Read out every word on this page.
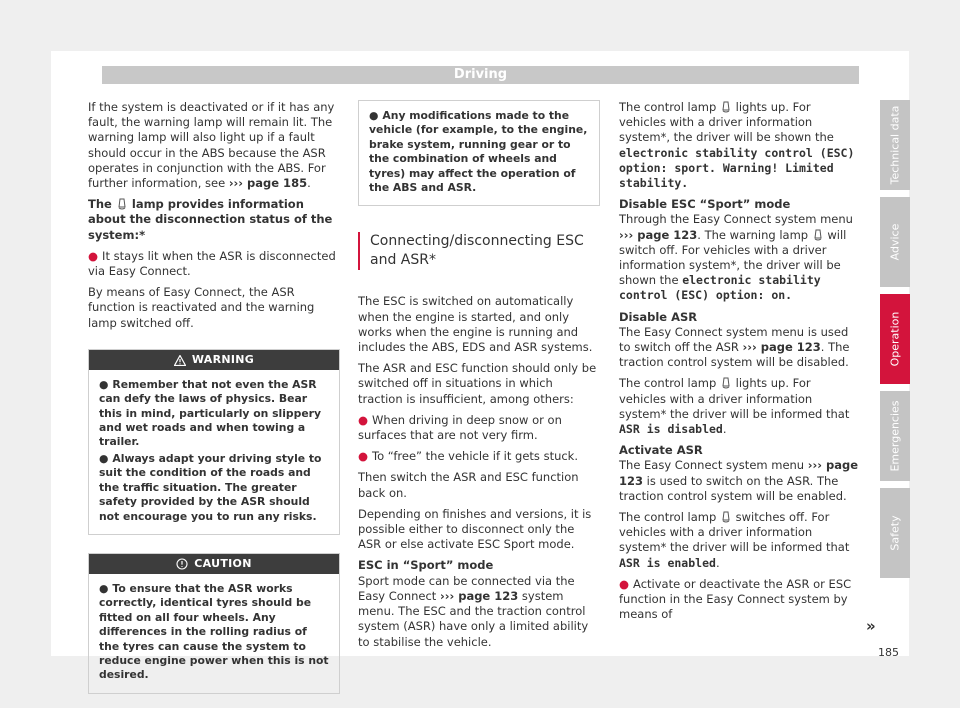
Driving

If the system is deactivated or if it has any fault, the warning lamp will remain lit. The warning lamp will also light up if a fault should occur in the ABS because the ASR operates in conjunction with the ABS. For further information, see ››› page 185.

The lamp provides information about the disconnection status of the system:*

● It stays lit when the ASR is disconnected via Easy Connect.

By means of Easy Connect, the ASR function is reactivated and the warning lamp switched off.

WARNING

● Remember that not even the ASR can defy the laws of physics. Bear this in mind, particularly on slippery and wet roads and when towing a trailer.

● Always adapt your driving style to suit the condition of the roads and the traffic situation. The greater safety provided by the ASR should not encourage you to run any risks.

CAUTION

● To ensure that the ASR works correctly, identical tyres should be fitted on all four wheels. Any differences in the rolling radius of the tyres can cause the system to reduce engine power when this is not desired.

● Any modifications made to the vehicle (for example, to the engine, brake system, running gear or to the combination of wheels and tyres) may affect the operation of the ABS and ASR.

Connecting/disconnecting ESC and ASR*

The ESC is switched on automatically when the engine is started, and only works when the engine is running and includes the ABS, EDS and ASR systems.

The ASR and ESC function should only be switched off in situations in which traction is insufficient, among others:

● When driving in deep snow or on surfaces that are not very firm.

● To “free” the vehicle if it gets stuck.

Then switch the ASR and ESC function back on.

Depending on finishes and versions, it is possible either to disconnect only the ASR or else activate ESC Sport mode.

ESC in “Sport” mode

Sport mode can be connected via the Easy Connect ››› page 123 system menu. The ESC and the traction control system (ASR) have only a limited ability to stabilise the vehicle.

The control lamp lights up. For vehicles with a driver information system*, the driver will be shown the electronic stability control (ESC) option: sport. Warning! Limited stability.

Disable ESC “Sport” mode

Through the Easy Connect system menu ››› page 123. The warning lamp will switch off. For vehicles with a driver information system*, the driver will be shown the electronic stability control (ESC) option: on.

Disable ASR

The Easy Connect system menu is used to switch off the ASR ››› page 123. The traction control system will be disabled.

The control lamp lights up. For vehicles with a driver information system* the driver will be informed that ASR is disabled.

Activate ASR

The Easy Connect system menu ››› page 123 is used to switch on the ASR. The traction control system will be enabled.

The control lamp switches off. For vehicles with a driver information system* the driver will be informed that ASR is enabled.

● Activate or deactivate the ASR or ESC function in the Easy Connect system by means of

»
Technical data
Advice
Operation
Emergencies
Safety
185
